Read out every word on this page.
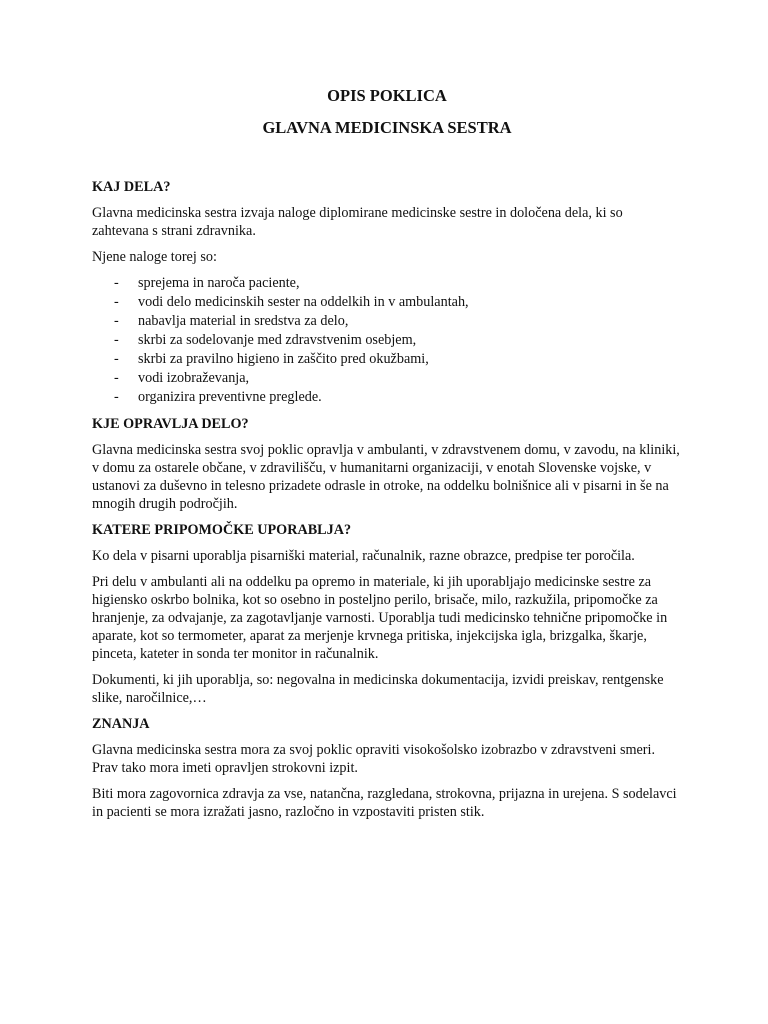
OPIS POKLICA
GLAVNA MEDICINSKA SESTRA

KAJ DELA?

Glavna medicinska sestra izvaja naloge diplomirane medicinske sestre in določena dela, ki so zahtevana s strani zdravnika.

Njene naloge torej so:

- sprejema in naroča paciente,
- vodi delo medicinskih sester na oddelkih in v ambulantah,
- nabavlja material in sredstva za delo,
- skrbi za sodelovanje med zdravstvenim osebjem,
- skrbi za pravilno higieno in zaščito pred okužbami,
- vodi izobraževanja,
- organizira preventivne preglede.

KJE OPRAVLJA DELO?

Glavna medicinska sestra svoj poklic opravlja v ambulanti, v zdravstvenem domu, v zavodu, na kliniki, v domu za ostarele občane, v zdravilišču, v humanitarni organizaciji, v enotah Slovenske vojske, v ustanovi za duševno in telesno prizadete odrasle in otroke, na oddelku bolnišnice ali v pisarni in še na mnogih drugih področjih.

KATERE PRIPOMOČKE UPORABLJA?

Ko dela v pisarni uporablja pisarniški material, računalnik, razne obrazce, predpise ter poročila.

Pri delu v ambulanti ali na oddelku pa opremo in materiale, ki jih uporabljajo medicinske sestre za higiensko oskrbo bolnika, kot so osebno in posteljno perilo, brisače, milo, razkužila, pripomočke za hranjenje, za odvajanje, za zagotavljanje varnosti. Uporablja tudi medicinsko tehnične pripomočke in aparate, kot so termometer, aparat za merjenje krvnega pritiska, injekcijska igla, brizgalka, škarje, pinceta, kateter in sonda ter monitor in računalnik.

Dokumenti, ki jih uporablja, so: negovalna in medicinska dokumentacija, izvidi preiskav, rentgenske slike, naročilnice,…

ZNANJA

Glavna medicinska sestra mora za svoj poklic opraviti visokošolsko izobrazbo v zdravstveni smeri. Prav tako mora imeti opravljen strokovni izpit.

Biti mora zagovornica zdravja za vse, natančna, razgledana, strokovna, prijazna in urejena. S sodelavci in pacienti se mora izražati jasno, razločno in vzpostaviti pristen stik.
